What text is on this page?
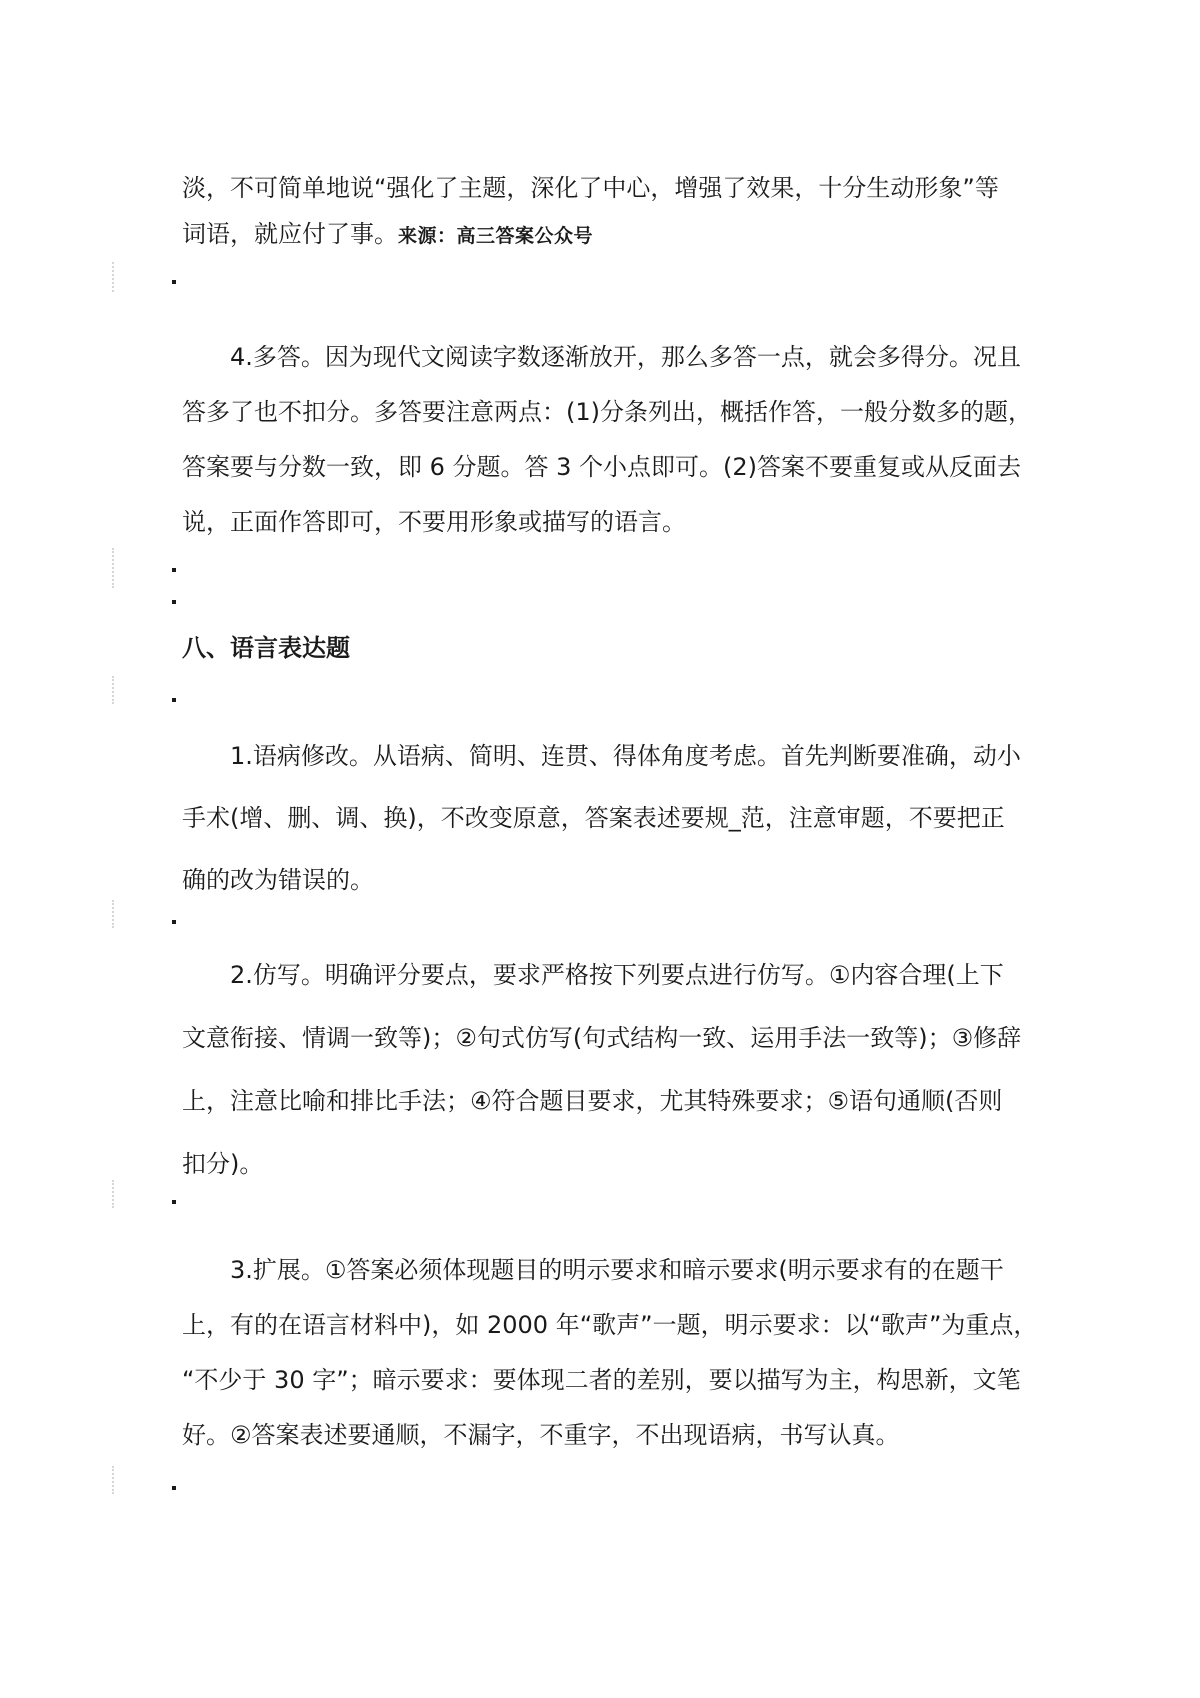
淡，不可简单地说“强化了主题，深化了中心，增强了效果，十分生动形象”等

词语，就应付了事。来源：高三答案公众号

　　4.多答。因为现代文阅读字数逐渐放开，那么多答一点，就会多得分。况且

答多了也不扣分。多答要注意两点：(1)分条列出，概括作答，一般分数多的题，

答案要与分数一致，即 6 分题。答 3 个小点即可。(2)答案不要重复或从反面去

说，正面作答即可，不要用形象或描写的语言。

八、语言表达题

　　1.语病修改。从语病、简明、连贯、得体角度考虑。首先判断要准确，动小

手术(增、删、调、换)，不改变原意，答案表述要规_范，注意审题，不要把正

确的改为错误的。

　　2.仿写。明确评分要点，要求严格按下列要点进行仿写。①内容合理(上下

文意衔接、情调一致等)；②句式仿写(句式结构一致、运用手法一致等)；③修辞

上，注意比喻和排比手法；④符合题目要求，尤其特殊要求；⑤语句通顺(否则

扣分)。

　　3.扩展。①答案必须体现题目的明示要求和暗示要求(明示要求有的在题干

上，有的在语言材料中)，如 2000 年“歌声”一题，明示要求：以“歌声”为重点，

“不少于 30 字”；暗示要求：要体现二者的差别，要以描写为主，构思新，文笔

好。②答案表述要通顺，不漏字，不重字，不出现语病，书写认真。
